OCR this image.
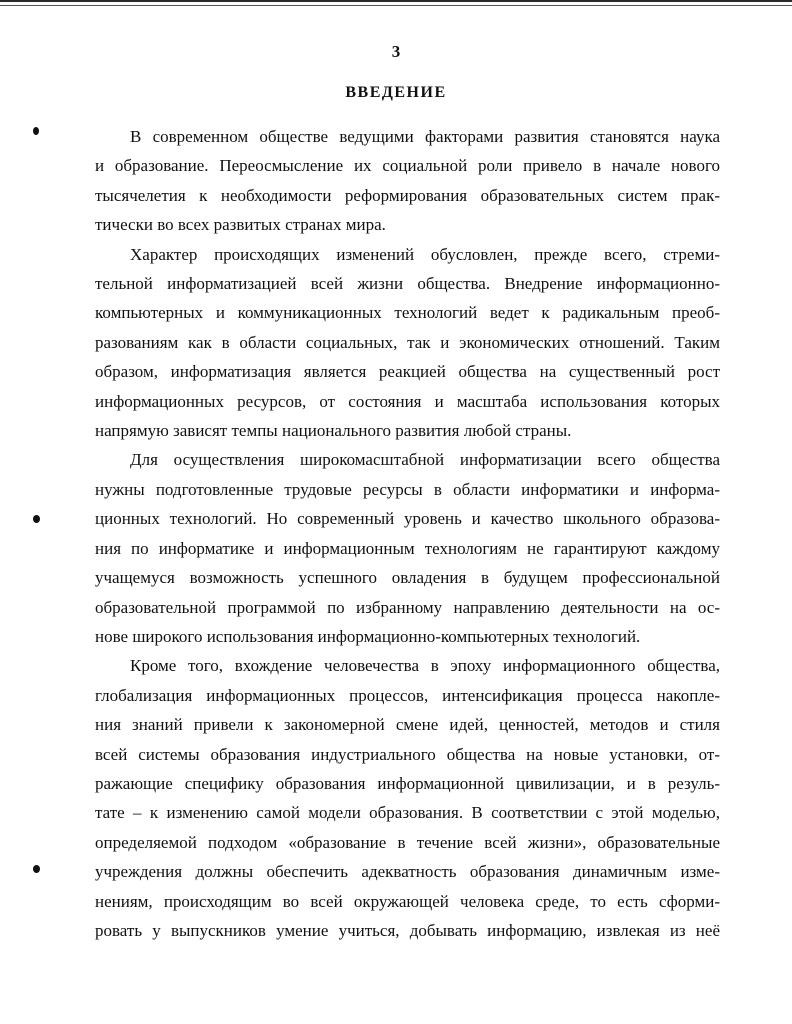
3
ВВЕДЕНИЕ

В современном обществе ведущими факторами развития становятся наука
и образование. Переосмысление их социальной роли привело в начале нового
тысячелетия к необходимости реформирования образовательных систем прак-
тически во всех развитых странах мира.

Характер происходящих изменений обусловлен, прежде всего, стреми-
тельной информатизацией всей жизни общества. Внедрение информационно-
компьютерных и коммуникационных технологий ведет к радикальным преоб-
разованиям как в области социальных, так и экономических отношений. Таким
образом, информатизация является реакцией общества на существенный рост
информационных ресурсов, от состояния и масштаба использования которых
напрямую зависят темпы национального развития любой страны.

Для осуществления широкомасштабной информатизации всего общества
нужны подготовленные трудовые ресурсы в области информатики и информа-
ционных технологий. Но современный уровень и качество школьного образова-
ния по информатике и информационным технологиям не гарантируют каждому
учащемуся возможность успешного овладения в будущем профессиональной
образовательной программой по избранному направлению деятельности на ос-
нове широкого использования информационно-компьютерных технологий.

Кроме того, вхождение человечества в эпоху информационного общества,
глобализация информационных процессов, интенсификация процесса накопле-
ния знаний привели к закономерной смене идей, ценностей, методов и стиля
всей системы образования индустриального общества на новые установки, от-
ражающие специфику образования информационной цивилизации, и в резуль-
тате – к изменению самой модели образования. В соответствии с этой моделью,
определяемой подходом «образование в течение всей жизни», образовательные
учреждения должны обеспечить адекватность образования динамичным изме-
нениям, происходящим во всей окружающей человека среде, то есть сформи-
ровать у выпускников умение учиться, добывать информацию, извлекая из неё
